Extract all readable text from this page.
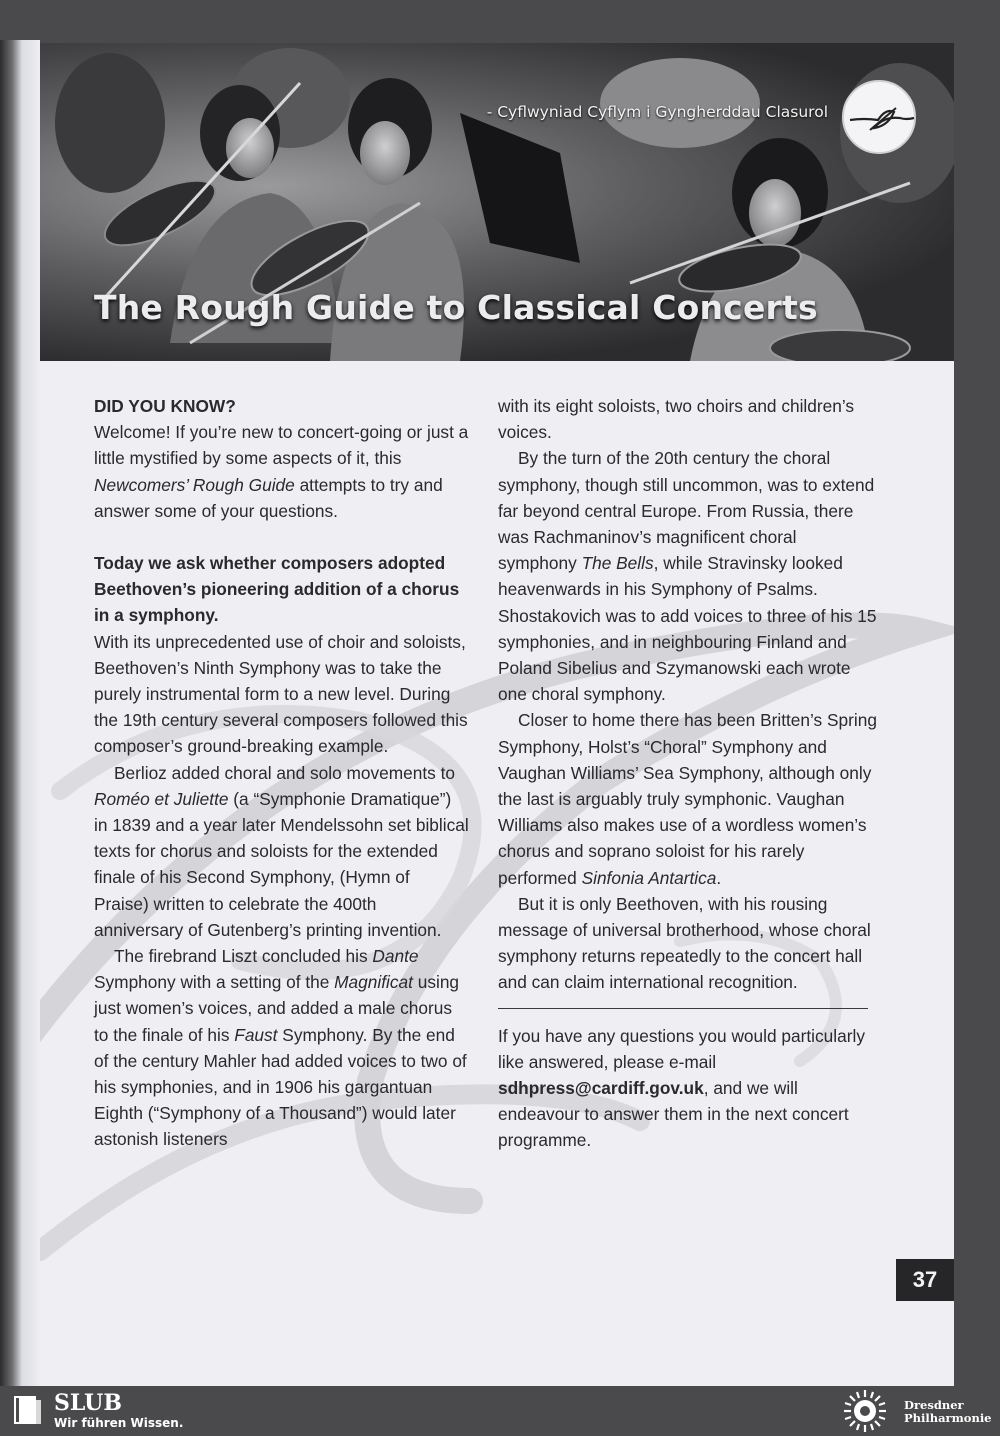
- Cyflwyniad Cyflym i Gyngherddau Clasurol
The Rough Guide to Classical Concerts

DID YOU KNOW?

Welcome! If you’re new to concert-going or just a little mystified by some aspects of it, this Newcomers’ Rough Guide attempts to try and answer some of your questions.

Today we ask whether composers adopted Beethoven’s pioneering addition of a chorus in a symphony.

With its unprecedented use of choir and soloists, Beethoven’s Ninth Symphony was to take the purely instrumental form to a new level. During the 19th century several composers followed this composer’s ground-breaking example.

Berlioz added choral and solo movements to Roméo et Juliette (a “Symphonie Dramatique”) in 1839 and a year later Mendelssohn set biblical texts for chorus and soloists for the extended finale of his Second Symphony, (Hymn of Praise) written to celebrate the 400th anniversary of Gutenberg’s printing invention.

The firebrand Liszt concluded his Dante Symphony with a setting of the Magnificat using just women’s voices, and added a male chorus to the finale of his Faust Symphony. By the end of the century Mahler had added voices to two of his symphonies, and in 1906 his gargantuan Eighth (“Symphony of a Thousand”) would later astonish listeners

with its eight soloists, two choirs and children’s voices.

By the turn of the 20th century the choral symphony, though still uncommon, was to extend far beyond central Europe. From Russia, there was Rachmaninov’s magnificent choral symphony The Bells, while Stravinsky looked heavenwards in his Symphony of Psalms. Shostakovich was to add voices to three of his 15 symphonies, and in neighbouring Finland and Poland Sibelius and Szymanowski each wrote one choral symphony.

Closer to home there has been Britten’s Spring Symphony, Holst’s “Choral” Symphony and Vaughan Williams’ Sea Symphony, although only the last is arguably truly symphonic. Vaughan Williams also makes use of a wordless women’s chorus and soprano soloist for his rarely performed Sinfonia Antartica.

But it is only Beethoven, with his rousing message of universal brotherhood, whose choral symphony returns repeatedly to the concert hall and can claim international recognition.

If you have any questions you would particularly like answered, please e-mail sdhpress@cardiff.gov.uk, and we will endeavour to answer them in the next concert programme.

37
SLUB
Wir führen Wissen.
Dresdner
Philharmonie
